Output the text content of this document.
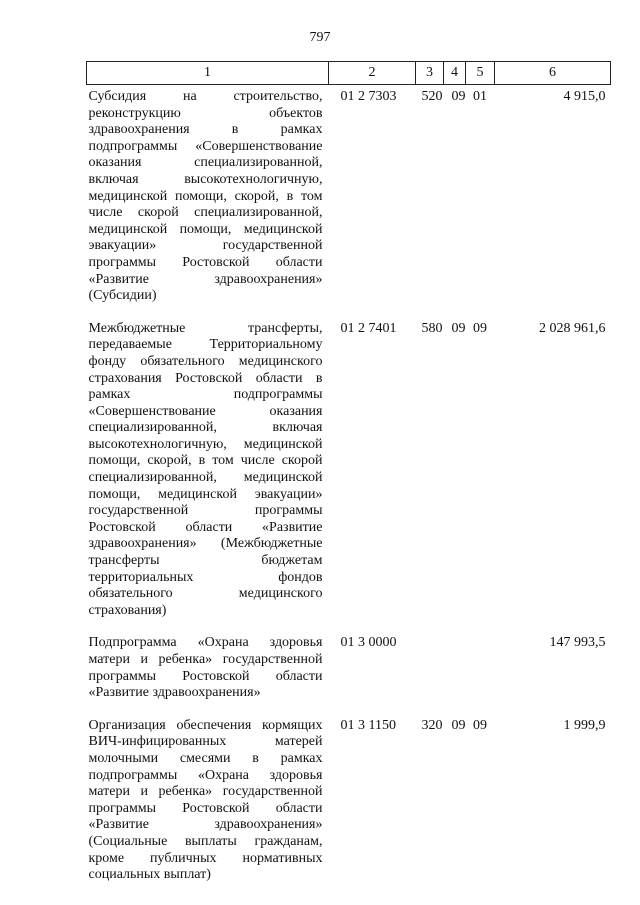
797
1	2	3	4	5	6
Субсидия на строительство, реконструкцию объектов здравоохранения в рамках подпрограммы «Совершенствование оказания специализированной, включая высокотехнологичную, медицинской помощи, скорой, в том числе скорой специализированной, медицинской помощи, медицинской эвакуации» государственной программы Ростовской области «Развитие здравоохранения» (Субсидии)	01 2 7303	520	09	01	4 915,0
Межбюджетные трансферты, передаваемые Территориальному фонду обязательного медицинского страхования Ростовской области в рамках подпрограммы «Совершенствование оказания специализированной, включая высокотехнологичную, медицинской помощи, скорой, в том числе скорой специализированной, медицинской помощи, медицинской эвакуации» государственной программы Ростовской области «Развитие здравоохранения» (Межбюджетные трансферты бюджетам территориальных фондов обязательного медицинского страхования)	01 2 7401	580	09	09	2 028 961,6
Подпрограмма «Охрана здоровья матери и ребенка» государственной программы Ростовской области «Развитие здравоохранения»	01 3 0000				147 993,5
Организация обеспечения кормящих ВИЧ-инфицированных матерей молочными смесями в рамках подпрограммы «Охрана здоровья матери и ребенка» государственной программы Ростовской области «Развитие здравоохранения» (Социальные выплаты гражданам, кроме публичных нормативных социальных выплат)	01 3 1150	320	09	09	1 999,9
